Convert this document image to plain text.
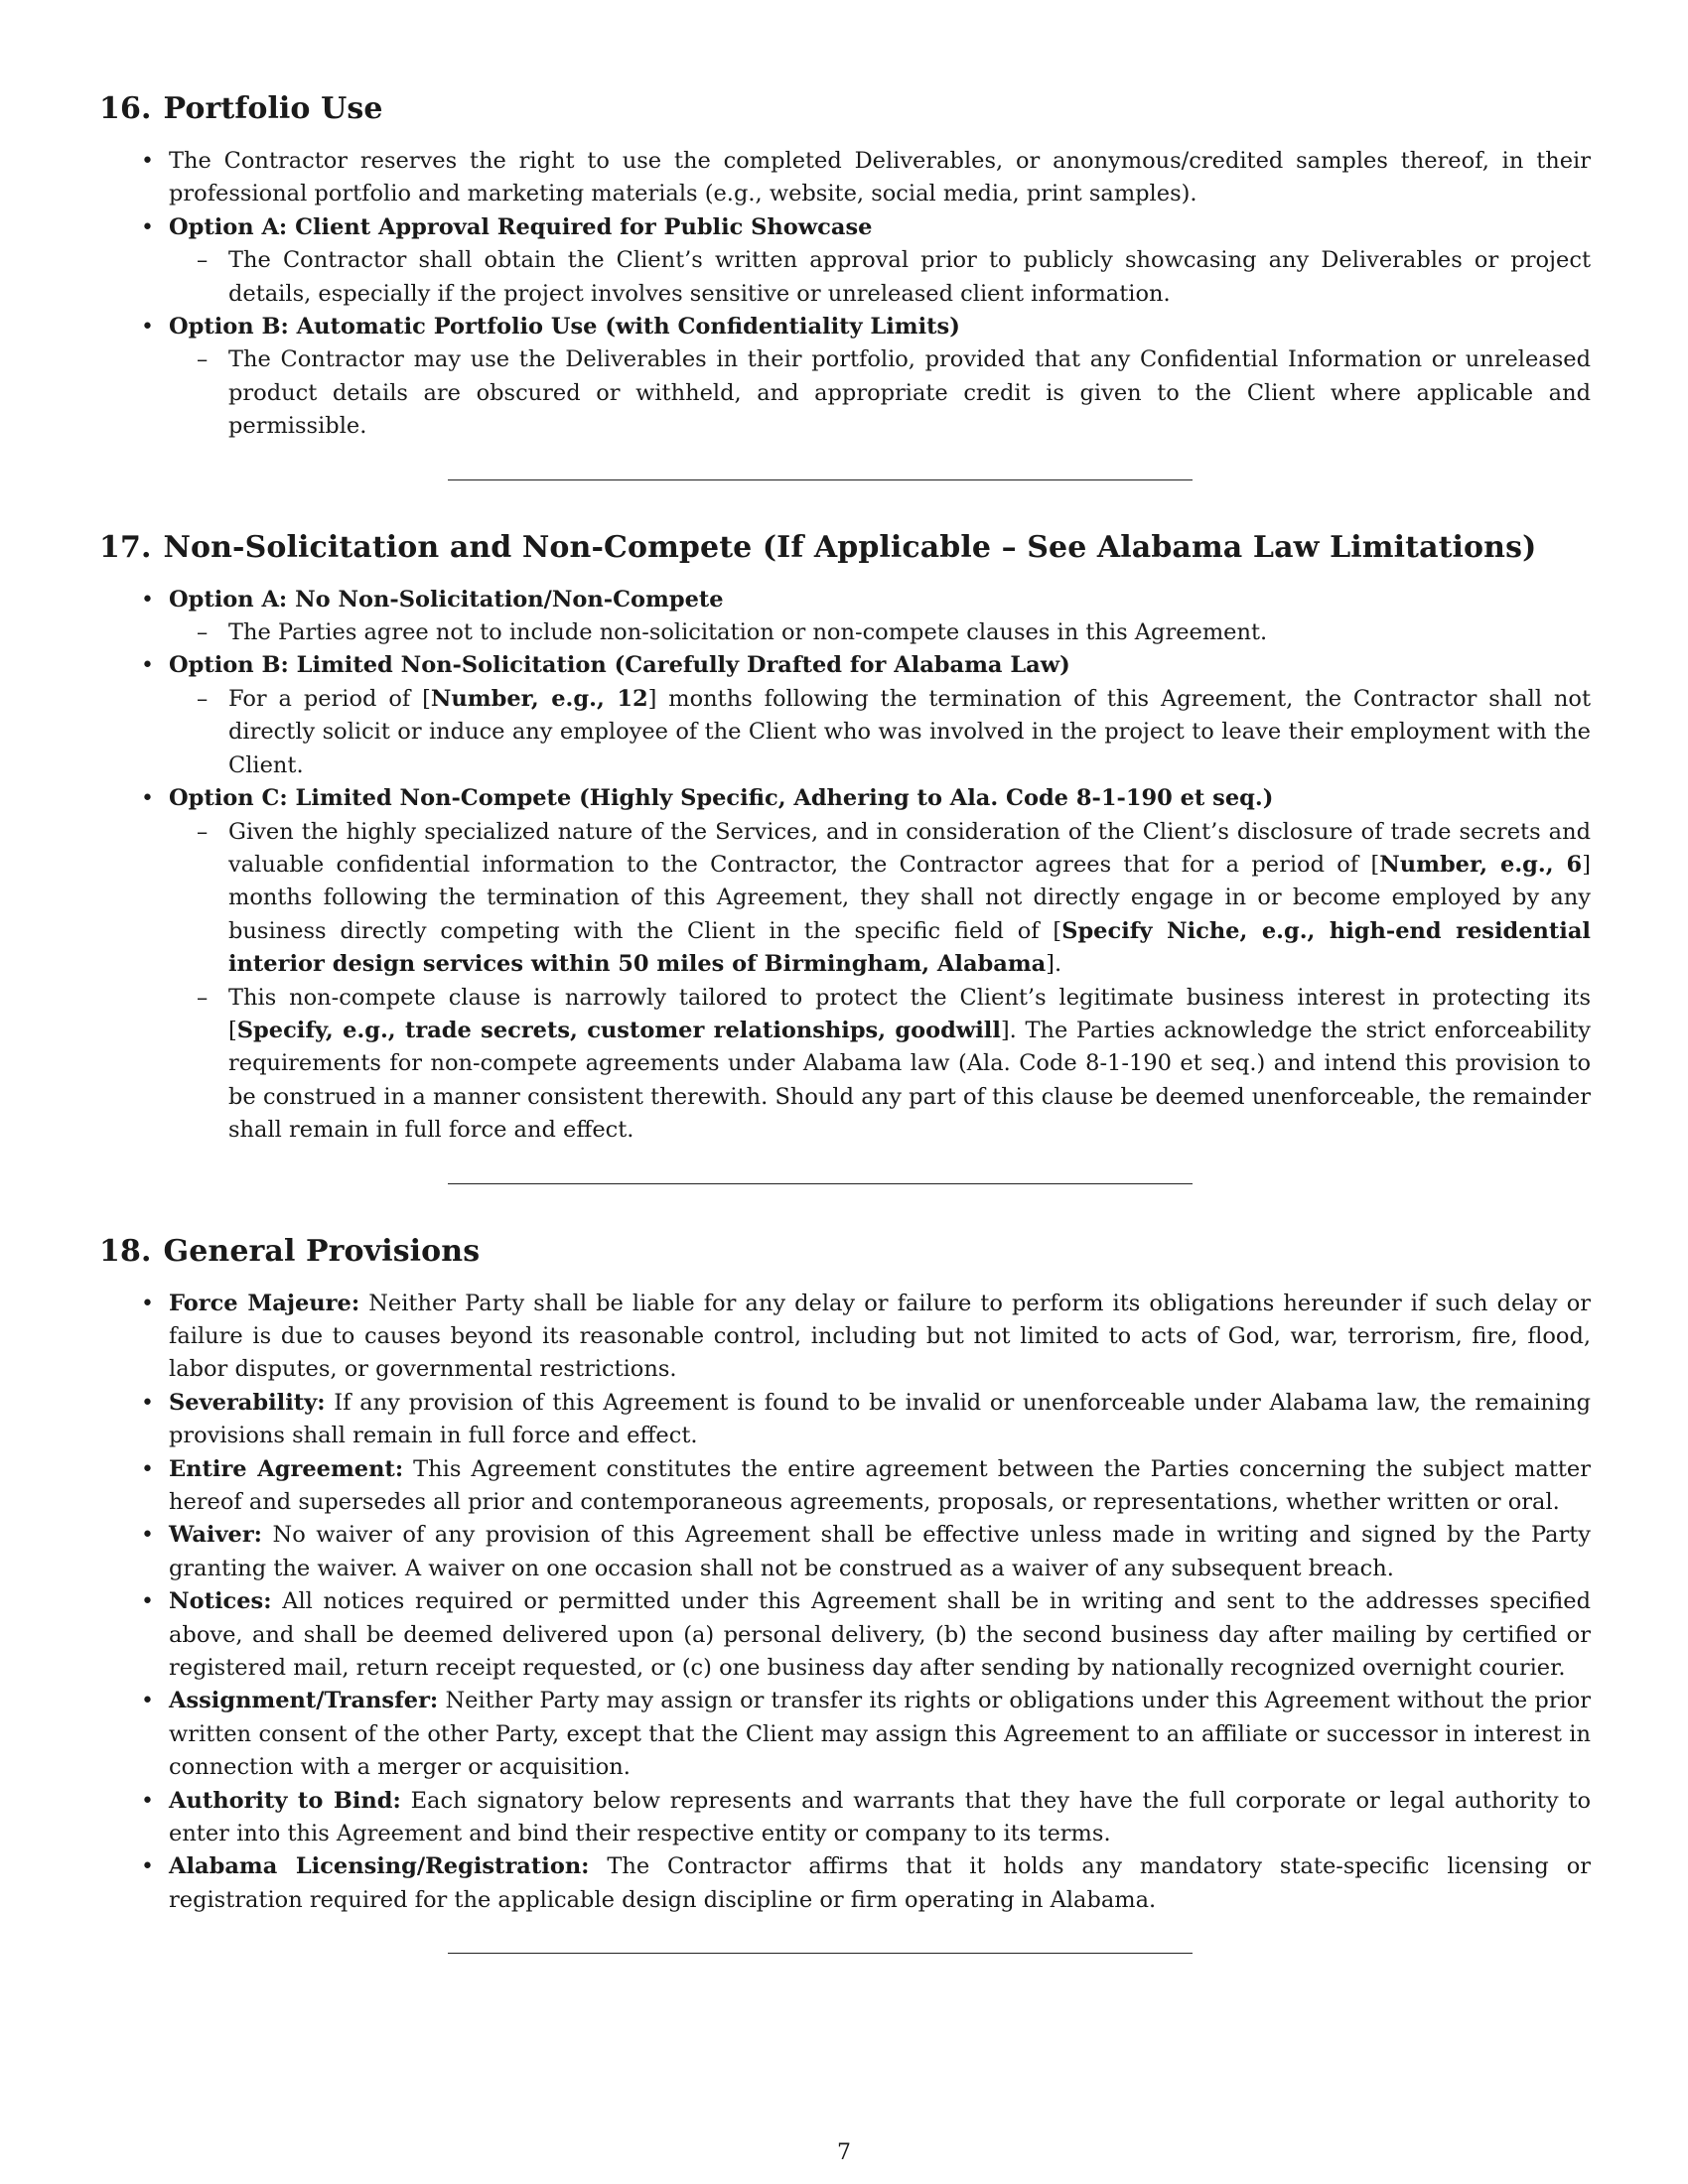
16. Portfolio Use
• The Contractor reserves the right to use the completed Deliverables, or anonymous/credited samples thereof, in their professional portfolio and marketing materials (e.g., website, social media, print samples).
• Option A: Client Approval Required for Public Showcase
– The Contractor shall obtain the Client’s written approval prior to publicly showcasing any Deliverables or project details, especially if the project involves sensitive or unreleased client information.
• Option B: Automatic Portfolio Use (with Confidentiality Limits)
– The Contractor may use the Deliverables in their portfolio, provided that any Confidential Information or unreleased product details are obscured or withheld, and appropriate credit is given to the Client where applicable and permissible.
17. Non-Solicitation and Non-Compete (If Applicable – See Alabama Law Limitations)
• Option A: No Non-Solicitation/Non-Compete
– The Parties agree not to include non-solicitation or non-compete clauses in this Agreement.
• Option B: Limited Non-Solicitation (Carefully Drafted for Alabama Law)
– For a period of [Number, e.g., 12] months following the termination of this Agreement, the Contractor shall not directly solicit or induce any employee of the Client who was involved in the project to leave their employment with the Client.
• Option C: Limited Non-Compete (Highly Specific, Adhering to Ala. Code 8-1-190 et seq.)
– Given the highly specialized nature of the Services, and in consideration of the Client’s disclosure of trade secrets and valuable confidential information to the Contractor, the Contractor agrees that for a period of [Number, e.g., 6] months following the termination of this Agreement, they shall not directly engage in or become employed by any business directly competing with the Client in the specific field of [Specify Niche, e.g., high-end residential interior design services within 50 miles of Birmingham, Alabama].
– This non-compete clause is narrowly tailored to protect the Client’s legitimate business interest in protecting its [Specify, e.g., trade secrets, customer relationships, goodwill]. The Parties acknowledge the strict enforceability requirements for non-compete agreements under Alabama law (Ala. Code 8-1-190 et seq.) and intend this provision to be construed in a manner consistent therewith. Should any part of this clause be deemed unenforceable, the remainder shall remain in full force and effect.
18. General Provisions
• Force Majeure: Neither Party shall be liable for any delay or failure to perform its obligations hereunder if such delay or failure is due to causes beyond its reasonable control, including but not limited to acts of God, war, terrorism, fire, flood, labor disputes, or governmental restrictions.
• Severability: If any provision of this Agreement is found to be invalid or unenforceable under Alabama law, the remaining provisions shall remain in full force and effect.
• Entire Agreement: This Agreement constitutes the entire agreement between the Parties concerning the subject matter hereof and supersedes all prior and contemporaneous agreements, proposals, or representations, whether written or oral.
• Waiver: No waiver of any provision of this Agreement shall be effective unless made in writing and signed by the Party granting the waiver. A waiver on one occasion shall not be construed as a waiver of any subsequent breach.
• Notices: All notices required or permitted under this Agreement shall be in writing and sent to the addresses specified above, and shall be deemed delivered upon (a) personal delivery, (b) the second business day after mailing by certified or registered mail, return receipt requested, or (c) one business day after sending by nationally recognized overnight courier.
• Assignment/Transfer: Neither Party may assign or transfer its rights or obligations under this Agreement without the prior written consent of the other Party, except that the Client may assign this Agreement to an affiliate or successor in interest in connection with a merger or acquisition.
• Authority to Bind: Each signatory below represents and warrants that they have the full corporate or legal authority to enter into this Agreement and bind their respective entity or company to its terms.
• Alabama Licensing/Registration: The Contractor affirms that it holds any mandatory state-specific licensing or registration required for the applicable design discipline or firm operating in Alabama.
7
